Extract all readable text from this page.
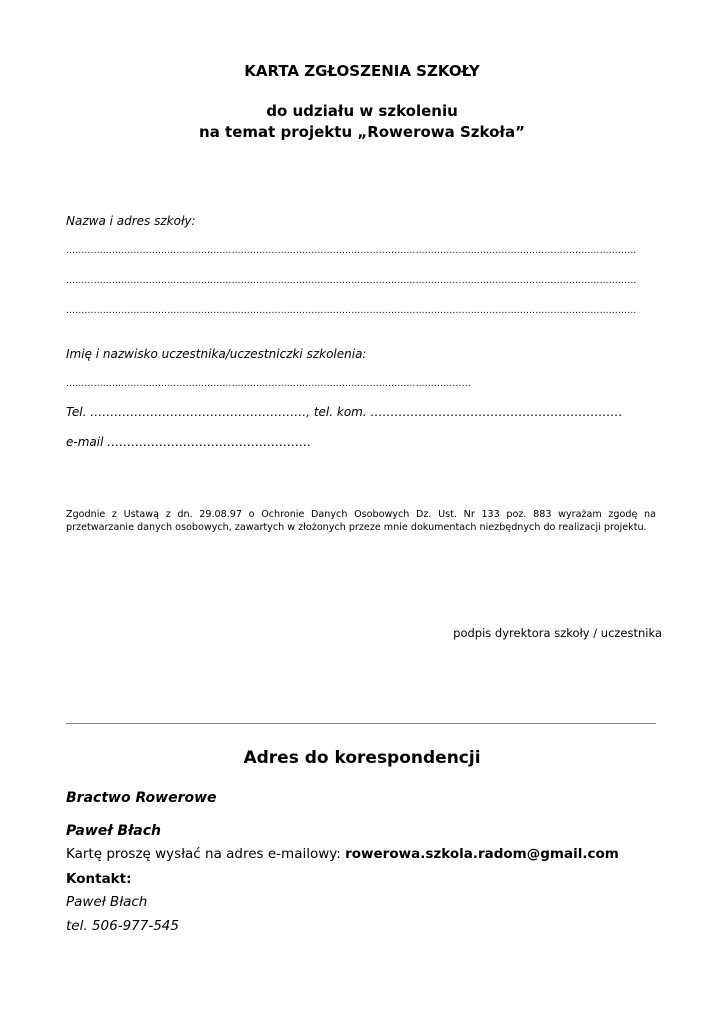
KARTA ZGŁOSZENIA SZKOŁY
do udziału w szkoleniu
na temat projektu „Rowerowa Szkoła”
Nazwa i adres szkoły:
……………………………………………………………………………………………………………………………………………………………………
……………………………………………………………………………………………………………………………………………………………………
……………………………………………………………………………………………………………………………………………………………………
Imię i nazwisko uczestnika/uczestniczki szkolenia:
……………………………………………………………………………………………………………………
Tel. ………………………………………………, tel. kom. ………………………………………………………
e-mail ……………………………………………
Zgodnie z Ustawą z dn. 29.08.97 o Ochronie Danych Osobowych Dz. Ust. Nr 133 poz. 883 wyrażam zgodę na przetwarzanie danych osobowych, zawartych w złożonych przeze mnie dokumentach niezbędnych do realizacji projektu.
podpis dyrektora szkoły / uczestnika
Adres do korespondencji
Bractwo Rowerowe
Paweł Błach
Kartę proszę wysłać na adres e-mailowy: rowerowa.szkola.radom@gmail.com
Kontakt:
Paweł Błach
tel. 506-977-545
